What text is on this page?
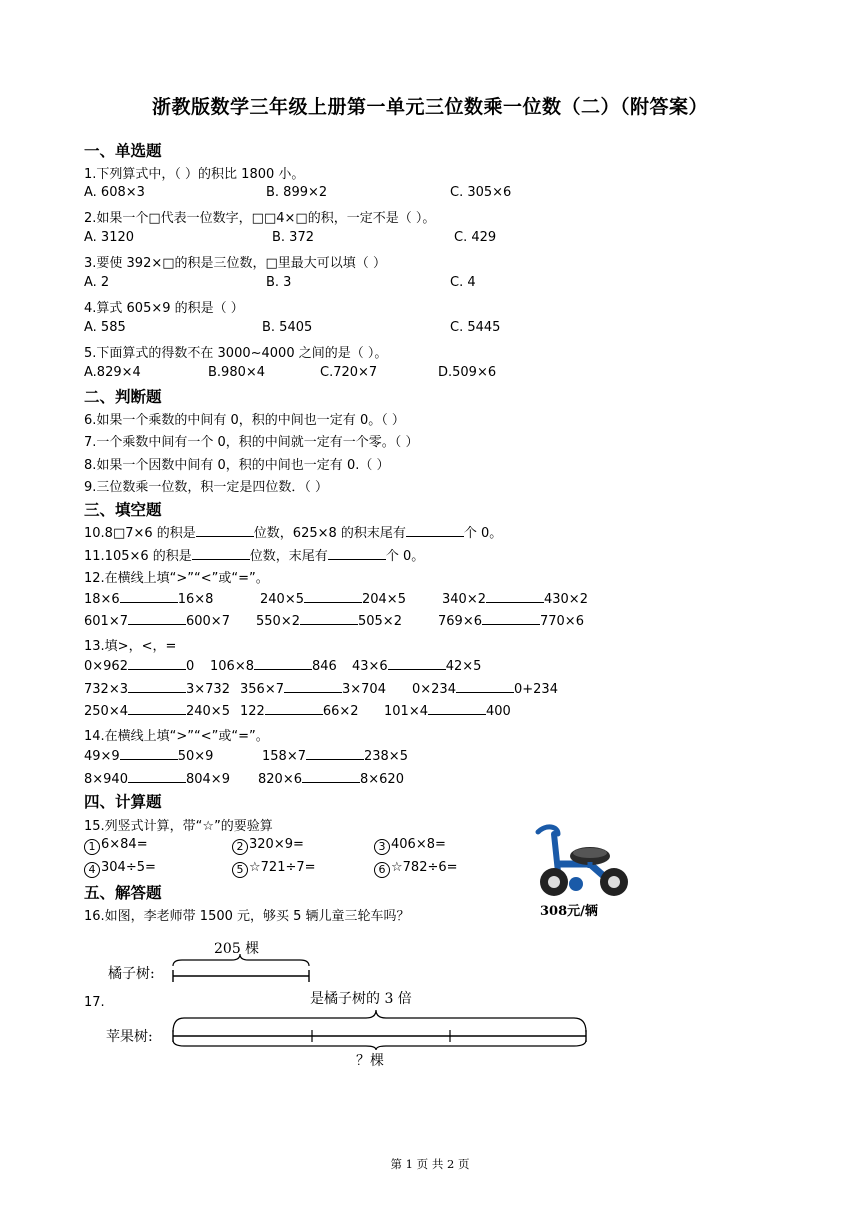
浙教版数学三年级上册第一单元三位数乘一位数（二）（附答案）
一、单选题
1.下列算式中，（ ）的积比 1800 小。
A. 608×3	B. 899×2	C. 305×6
2.如果一个□代表一位数字，□□4×□的积，一定不是（ ）。
A. 3120	B. 372	C. 429
3.要使 392×□的积是三位数，□里最大可以填（ ）
A. 2	B. 3	C. 4
4.算式 605×9 的积是（ ）
A. 585	B. 5405	C. 5445
5.下面算式的得数不在 3000~4000 之间的是（ ）。
A.829×4	B.980×4	C.720×7	D.509×6
二、判断题
6.如果一个乘数的中间有 0，积的中间也一定有 0。（ ）
7.一个乘数中间有一个 0，积的中间就一定有一个零。（ ）
8.如果一个因数中间有 0，积的中间也一定有 0.（ ）
9.三位数乘一位数，积一定是四位数．（ ）
三、填空题
10.8□7×6 的积是	位数，625×8 的积末尾有	个 0。
11.105×6 的积是	位数，末尾有	个 0。
12.在横线上填“>”“<”或“=”。
18×6	16×8	240×5	204×5	340×2	430×2
601×7	600×7 550×2	505×2	769×6	770×6
13.填>，<，=
0×962	0 106×8	846 43×6	42×5
732×3	3×732 356×7	3×704 0×234	0+234
250×4	240×5 122	66×2 101×4	400
14.在横线上填“>”“<”或“=”。
49×9	50×9	158×7	238×5
8×940	804×9 820×6	8×620
四、计算题
15.列竖式计算，带“☆”的要验算
1 6×84=	2 320×9=	3 406×8=
4 304÷5=	5 ☆721÷7=	6 ☆782÷6=
308元/辆
五、解答题
16.如图，李老师带 1500 元，够买 5 辆儿童三轮车吗？
17.
205 棵
橘子树:
是橘子树的 3 倍
苹果树:
？棵
第 1 页 共 2 页
